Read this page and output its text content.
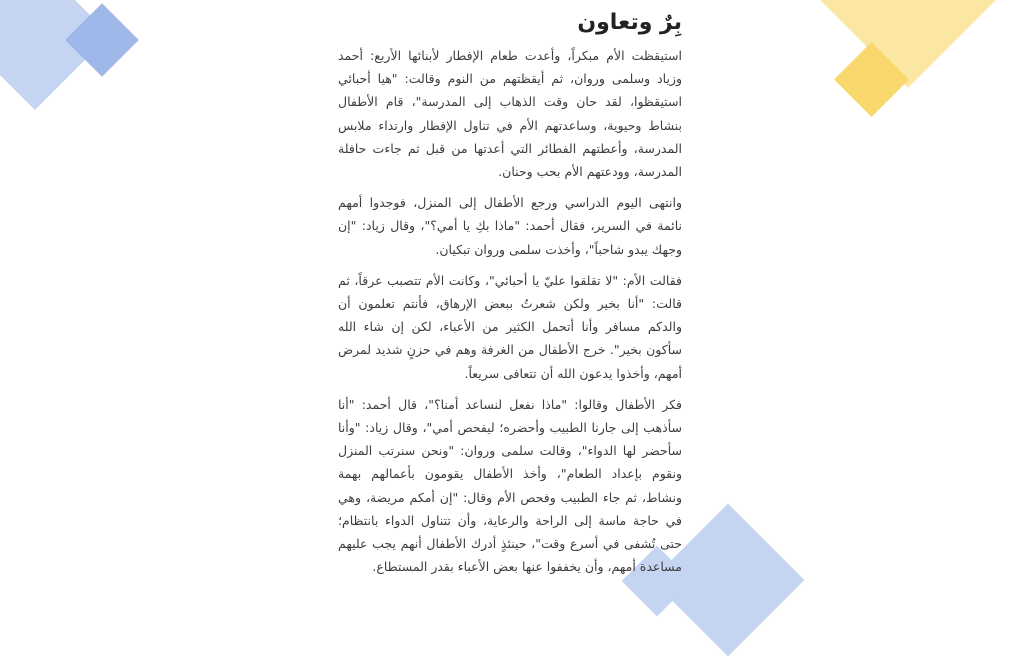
بِرٌ وتعاون

استيقظت الأم مبكراً، وأعدت طعام الإفطار لأبنائها الأربع: أحمد وزياد وسلمى وروان، ثم أيقظتهم من النوم وقالت: "هيا أحبائي استيقظوا، لقد حان وقت الذهاب إلى المدرسة"، قام الأطفال بنشاط وحيوية، وساعدتهم الأم في تناول الإفطار وارتداء ملابس المدرسة، وأعطتهم الفطائر التي أعدتها من قبل ثم جاءت حافلة المدرسة، وودعتهم الأم بحب وحنان.

وانتهى اليوم الدراسي ورجع الأطفال إلى المنزل، فوجدوا أمهم نائمة في السرير، فقال أحمد: "ماذا بكِ يا أمي؟"، وقال زياد: "إن وجهك يبدو شاحباً"، وأخذت سلمى وروان تبكيان.

فقالت الأم: "لا تقلقوا عليّ يا أحبائي"، وكانت الأم تتصبب عرقاً، ثم قالت: "أنا بخير ولكن شعرتُ ببعض الإرهاق، فأنتم تعلمون أن والدكم مسافر وأنا أتحمل الكثير من الأعباء، لكن إن شاء الله سأكون بخير". خرج الأطفال من الغرفة وهم في حزنٍ شديد لمرض أمهم، وأخذوا يدعون الله أن تتعافى سريعاً.

فكر الأطفال وقالوا: "ماذا نفعل لنساعد أمنا؟"، قال أحمد: "أنا سأذهب إلى جارنا الطبيب وأحضره؛ ليفحص أمي"، وقال زياد: "وأنا سأحضر لها الدواء"، وقالت سلمى وروان: "ونحن سنرتب المنزل ونقوم بإعداد الطعام"، وأخذ الأطفال يقومون بأعمالهم بهمة ونشاط، ثم جاء الطبيب وفحص الأم وقال: "إن أمكم مريضة، وهي في حاجة ماسة إلى الراحة والرعاية، وأن تتناول الدواء بانتظام؛ حتى تُشفى في أسرع وقت"، حينئذٍ أدرك الأطفال أنهم يجب عليهم مساعدة أمهم، وأن يخففوا عنها بعض الأعباء بقدر المستطاع.
